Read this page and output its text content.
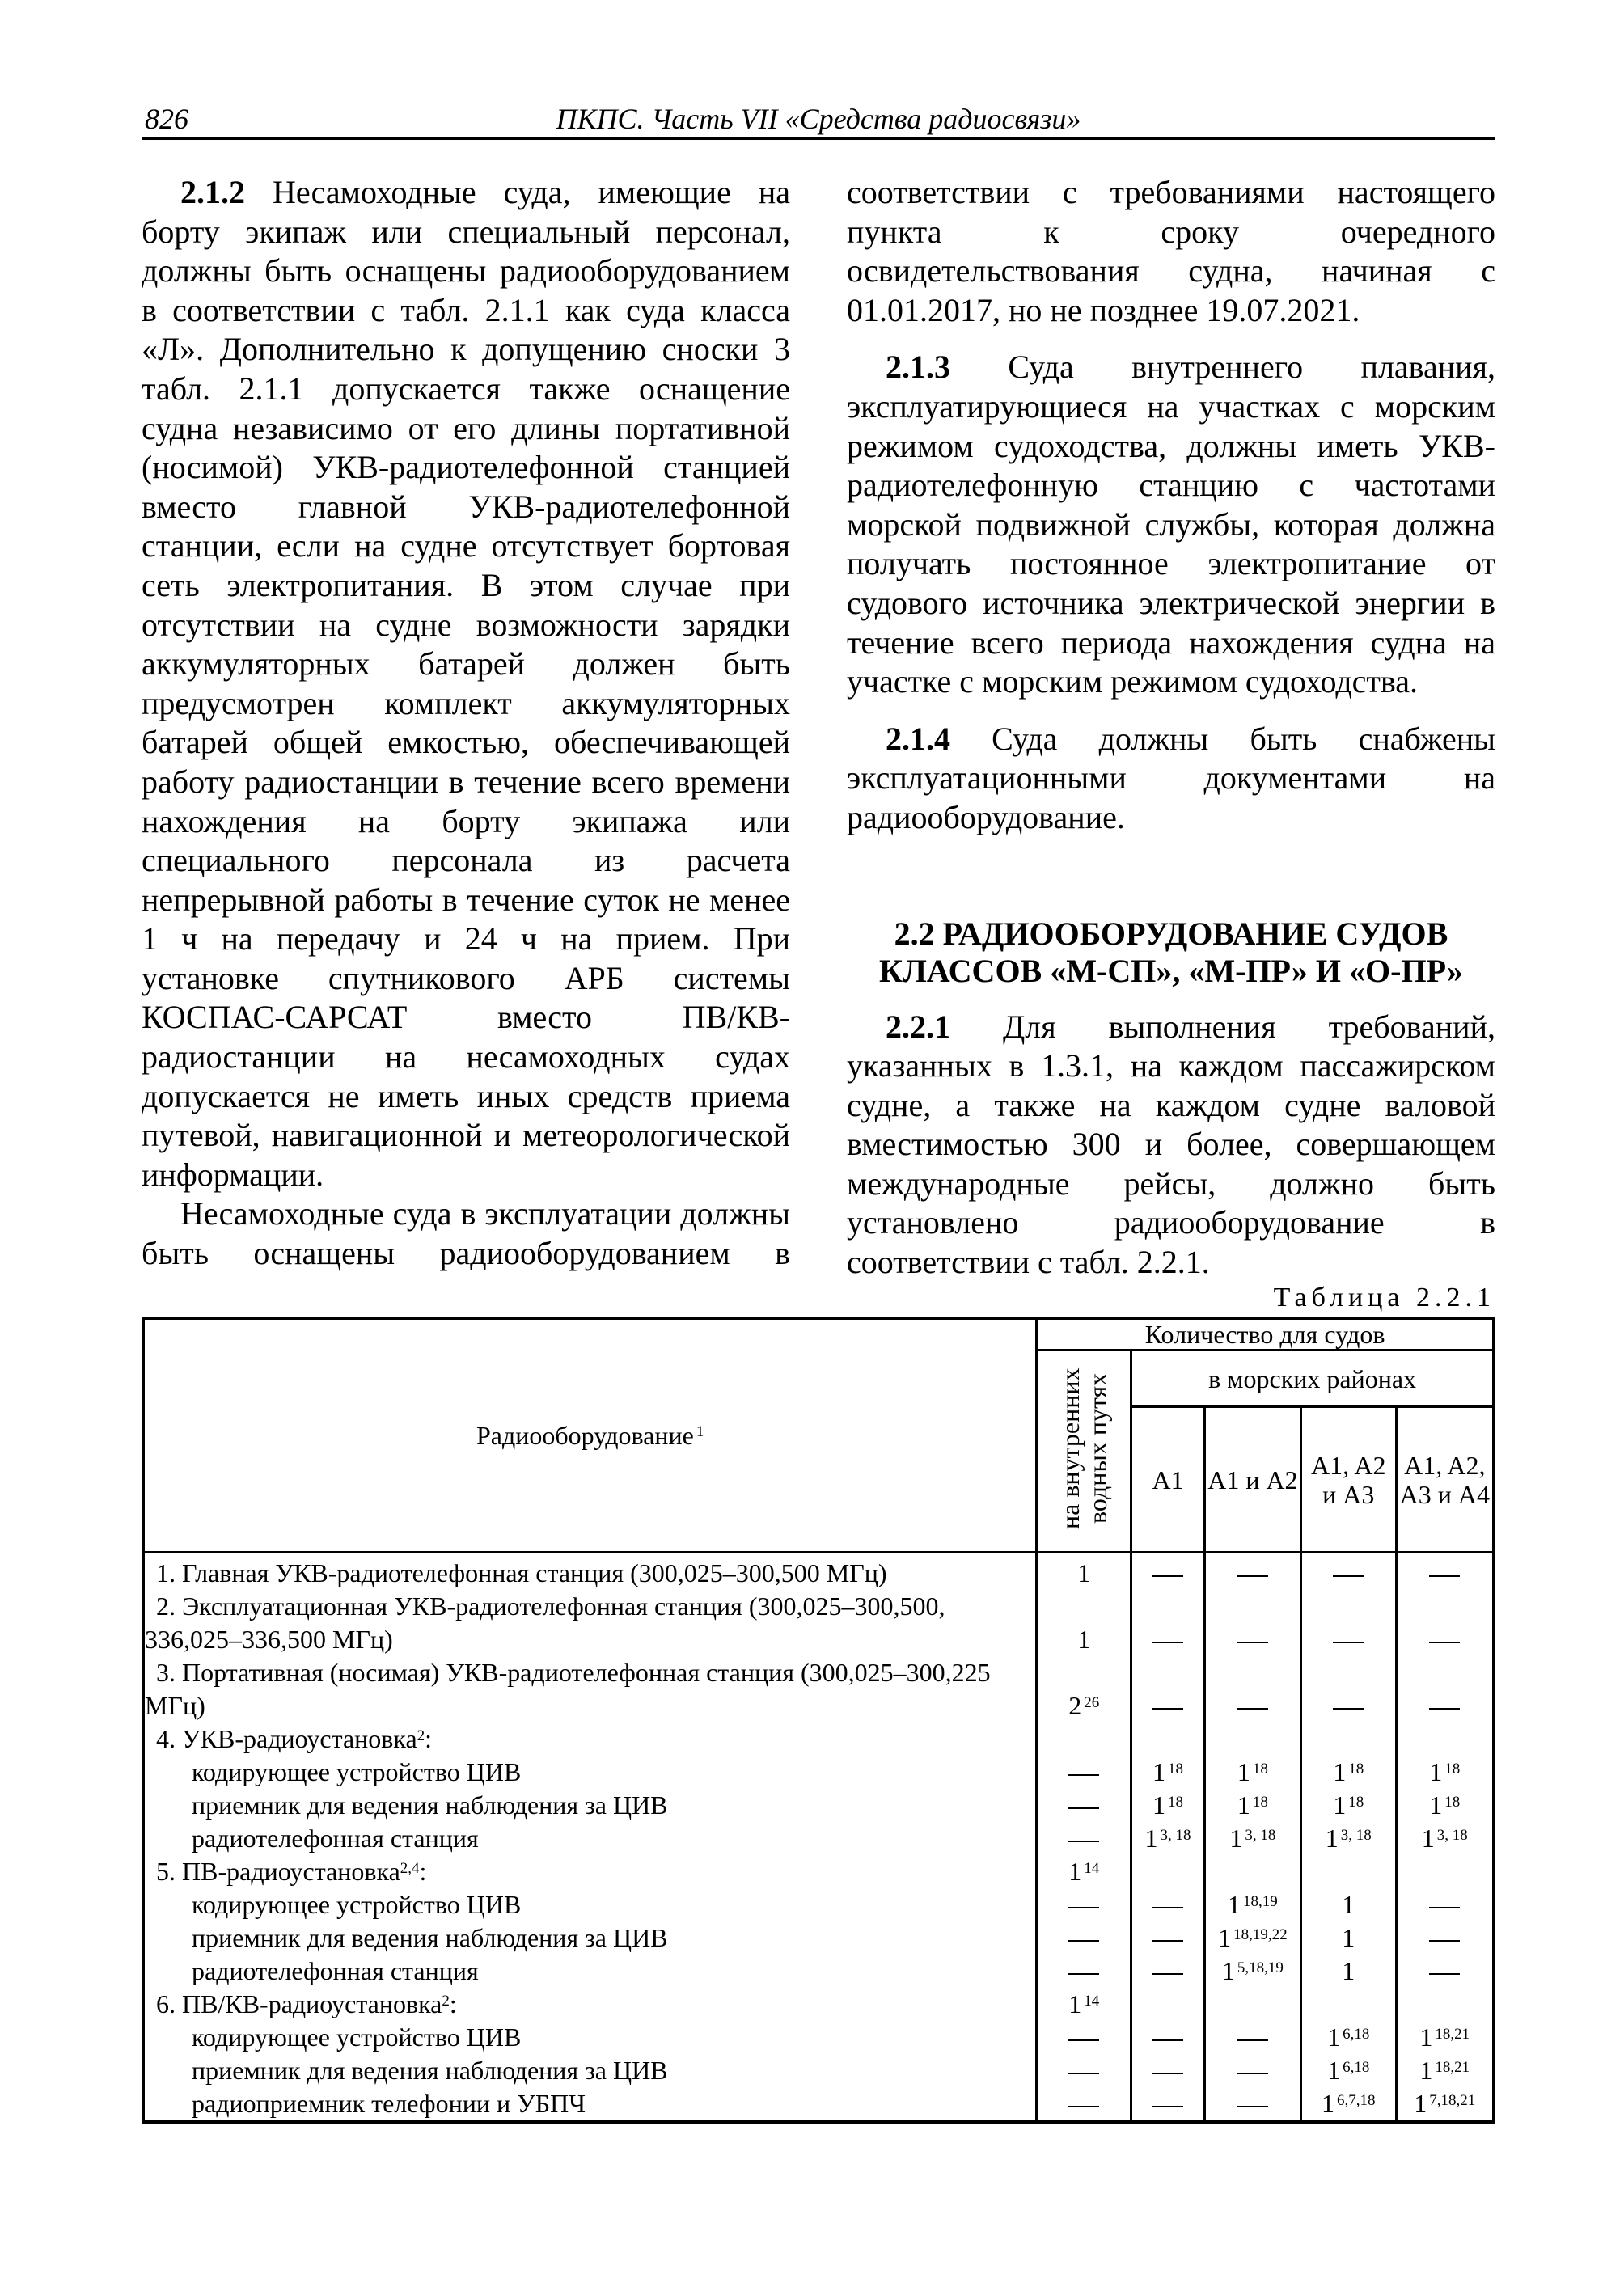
826	ПКПС. Часть VII «Средства радиосвязи»

2.1.2 Несамоходные суда, имеющие на борту экипаж или специальный персонал, должны быть оснащены радиооборудованием в соответствии с табл. 2.1.1 как суда класса «Л». Дополнительно к допущению сноски 3 табл. 2.1.1 допускается также оснащение судна независимо от его длины портативной (носимой) УКВ-радиотелефонной станцией вместо главной УКВ-радиотелефонной станции, если на судне отсутствует бортовая сеть электропитания. В этом случае при отсутствии на судне возможности зарядки аккумуляторных батарей должен быть предусмотрен комплект аккумуляторных батарей общей емкостью, обеспечивающей работу радиостанции в течение всего времени нахождения на борту экипажа или специального персонала из расчета непрерывной работы в течение суток не менее 1 ч на передачу и 24 ч на прием. При установке спутникового АРБ системы КОСПАС-САРСАТ вместо ПВ/КВ-радиостанции на несамоходных судах допускается не иметь иных средств приема путевой, навигационной и метеорологической информации.

Несамоходные суда в эксплуатации должны быть оснащены радиооборудованием в соответствии с требованиями настоящего пункта к сроку очередного освидетельствования судна, начиная с 01.01.2017, но не позднее 19.07.2021.

2.1.3 Суда внутреннего плавания, эксплуатирующиеся на участках с морским режимом судоходства, должны иметь УКВ-радиотелефонную станцию с частотами морской подвижной службы, которая должна получать постоянное электропитание от судового источника электрической энергии в течение всего периода нахождения судна на участке с морским режимом судоходства.

2.1.4 Суда должны быть снабжены эксплуатационными документами на радиооборудование.

2.2 РАДИООБОРУДОВАНИЕ СУДОВ КЛАССОВ «М-СП», «М-ПР» И «О-ПР»

2.2.1 Для выполнения требований, указанных в 1.3.1, на каждом пассажирском судне, а также на каждом судне валовой вместимостью 300 и более, совершающем международные рейсы, должно быть установлено радиооборудование в соответствии с табл. 2.2.1.

Таблица 2.2.1
Радиооборудование $^1$	Количество для судов				
	на внутренних водных путях	в морских районах			
		A1	A1 и A2	A1, A2 и A3	A1, A2, A3 и A4
1. Главная УКВ-радиотелефонная станция (300,025–300,500 МГц)	1				
2. Эксплуатационная УКВ-радиотелефонная станция (300,025–300,500, 336,025–336,500 МГц)	1				
3. Портативная (носимая) УКВ-радиотелефонная станция (300,025–300,225 МГц)	2 $^{26}$				
4. УКВ-радиоустановка$^2$:					
кодирующее устройство ЦИВ		1 $^{18}$	1 $^{18}$	1 $^{18}$	1 $^{18}$
приемник для ведения наблюдения за ЦИВ		1 $^{18}$	1 $^{18}$	1 $^{18}$	1 $^{18}$
радиотелефонная станция		1 $^{3, 18}$	1 $^{3, 18}$	1 $^{3, 18}$	1 $^{3, 18}$
5. ПВ-радиоустановка$^{2,4}$:	1 $^{14}$				
кодирующее устройство ЦИВ			1 $^{18,19}$	1	
приемник для ведения наблюдения за ЦИВ			1 $^{18,19,22}$	1	
радиотелефонная станция			1 $^{5,18,19}$	1	
6. ПВ/КВ-радиоустановка$^2$:	1 $^{14}$				
кодирующее устройство ЦИВ				1 $^{6,18}$	1 $^{18,21}$
приемник для ведения наблюдения за ЦИВ				1 $^{6,18}$	1 $^{18,21}$
радиоприемник телефонии и УБПЧ				1 $^{6,7,18}$	1 $^{7,18,21}$
